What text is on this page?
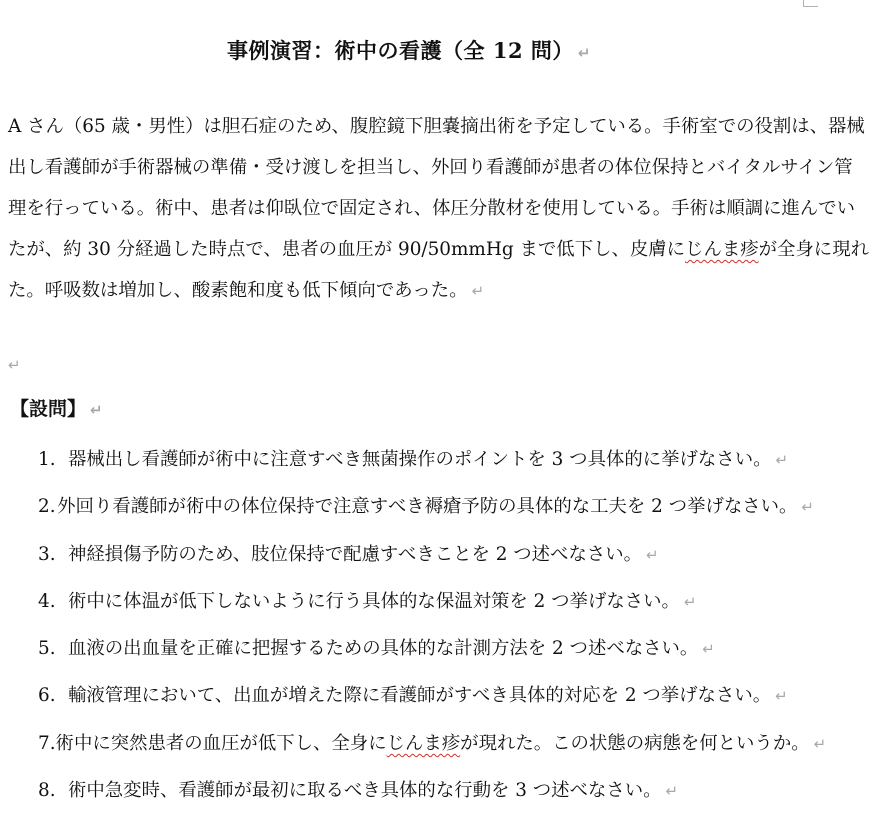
事例演習：術中の看護（全 12 問） ↵
A さん（65 歳・男性）は胆石症のため、腹腔鏡下胆嚢摘出術を予定している。手術室での役割は、器械
出し看護師が手術器械の準備・受け渡しを担当し、外回り看護師が患者の体位保持とバイタルサイン管
理を行っている。術中、患者は仰臥位で固定され、体圧分散材を使用している。手術は順調に進んでい
たが、約 30 分経過した時点で、患者の血圧が 90/50mmHg まで低下し、皮膚にじんま疹が全身に現れ
た。呼吸数は増加し、酸素飽和度も低下傾向であった。 ↵
↵
【設問】 ↵
1. 器械出し看護師が術中に注意すべき無菌操作のポイントを 3 つ具体的に挙げなさい。 ↵
2. 外回り看護師が術中の体位保持で注意すべき褥瘡予防の具体的な工夫を 2 つ挙げなさい。 ↵
3. 神経損傷予防のため、肢位保持で配慮すべきことを 2 つ述べなさい。 ↵
4. 術中に体温が低下しないように行う具体的な保温対策を 2 つ挙げなさい。 ↵
5. 血液の出血量を正確に把握するための具体的な計測方法を 2 つ述べなさい。 ↵
6. 輸液管理において、出血が増えた際に看護師がすべき具体的対応を 2 つ挙げなさい。 ↵
7. 術中に突然患者の血圧が低下し、全身に じんま疹 が現れた。この状態の病態を何というか。 ↵
8. 術中急変時、看護師が最初に取るべき具体的な行動を 3 つ述べなさい。 ↵
